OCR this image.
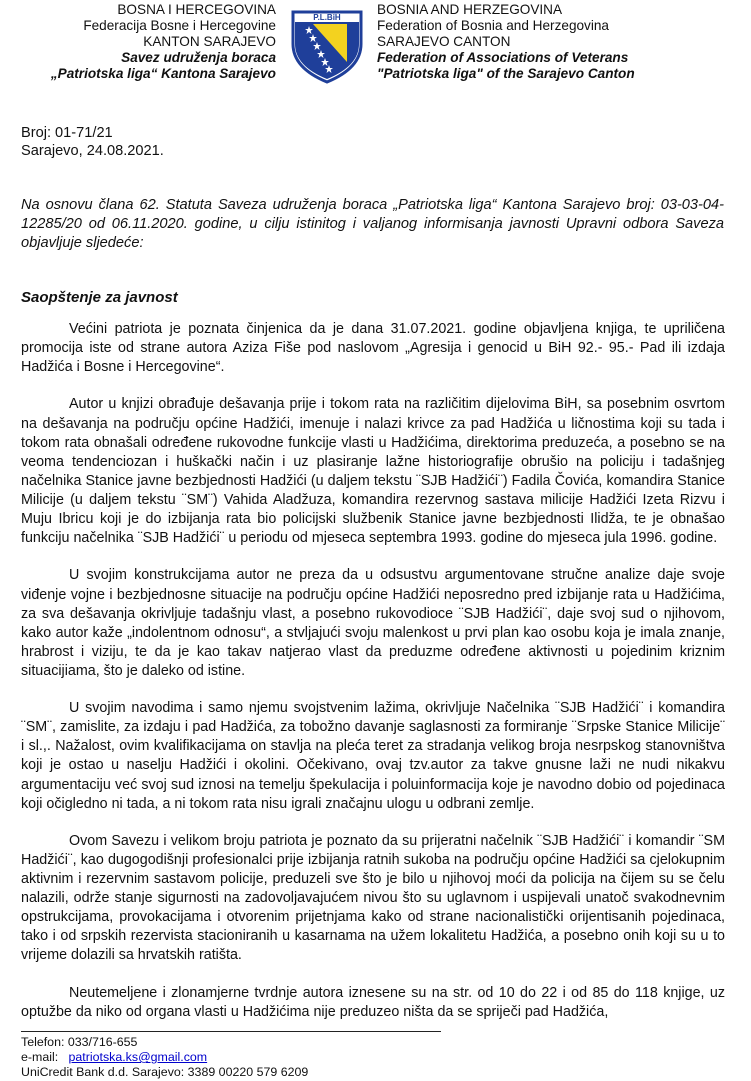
BOSNA I HERCEGOVINA
Federacija Bosne i Hercegovine
KANTON SARAJEVO
Savez udruženja boraca
„Patriotska liga“ Kantona Sarajevo
P.L.BiH
BOSNIA AND HERZEGOVINA
Federation of Bosnia and Herzegovina
SARAJEVO CANTON
Federation of Associations of Veterans
"Patriotska liga" of the Sarajevo Canton
Broj: 01-71/21
Sarajevo, 24.08.2021.
Na osnovu člana 62. Statuta Saveza udruženja boraca „Patriotska liga“ Kantona Sarajevo broj: 03-03-04-12285/20 od 06.11.2020. godine, u cilju istinitog i valjanog informisanja javnosti Upravni odbora Saveza objavljuje sljedeće:
Saopštenje za javnost

Većini patriota je poznata činjenica da je dana 31.07.2021. godine objavljena knjiga, te upriličena promocija iste od strane autora Aziza Fiše pod naslovom „Agresija i genocid u BiH 92.- 95.- Pad ili izdaja Hadžića i Bosne i Hercegovine“.

Autor u knjizi obrađuje dešavanja prije i tokom rata na različitim dijelovima BiH, sa posebnim osvrtom na dešavanja na području općine Hadžići, imenuje i nalazi krivce za pad Hadžića u ličnostima koji su tada i tokom rata obnašali određene rukovodne funkcije vlasti u Hadžićima, direktorima preduzeća, a posebno se na veoma tendenciozan i huškački način i uz plasiranje lažne historiografije obrušio na policiju i tadašnjeg načelnika Stanice javne bezbjednosti Hadžići (u daljem tekstu ¨SJB Hadžići¨) Fadila Čovića, komandira Stanice Milicije (u daljem tekstu ¨SM¨) Vahida Aladžuza, komandira rezervnog sastava milicije Hadžići Izeta Rizvu i Muju Ibricu koji je do izbijanja rata bio policijski službenik Stanice javne bezbjednosti Ilidža, te je obnašao funkciju načelnika ¨SJB Hadžići¨ u periodu od mjeseca septembra 1993. godine do mjeseca jula 1996. godine.

U svojim konstrukcijama autor ne preza da u odsustvu argumentovane stručne analize daje svoje viđenje vojne i bezbjednosne situacije na području općine Hadžići neposredno pred izbijanje rata u Hadžićima, za sva dešavanja okrivljuje tadašnju vlast, a posebno rukovodioce ¨SJB Hadžići¨, daje svoj sud o njihovom, kako autor kaže „indolentnom odnosu“, a stvljajući svoju malenkost u prvi plan kao osobu koja je imala znanje, hrabrost i viziju, te da je kao takav natjerao vlast da preduzme određene aktivnosti u pojedinim kriznim situacijiama, što je daleko od istine.

U svojim navodima i samo njemu svojstvenim lažima, okrivljuje Načelnika ¨SJB Hadžići¨ i komandira ¨SM¨, zamislite, za izdaju i pad Hadžića, za tobožno davanje saglasnosti za formiranje ¨Srpske Stanice Milicije¨ i sl.,. Nažalost, ovim kvalifikacijama on stavlja na pleća teret za stradanja velikog broja nesrpskog stanovništva koji je ostao u naselju Hadžići i okolini. Očekivano, ovaj tzv.autor za takve gnusne laži ne nudi nikakvu argumentaciju već svoj sud iznosi na temelju špekulacija i poluinformacija koje je navodno dobio od pojedinaca koji očigledno ni tada, a ni tokom rata nisu igrali značajnu ulogu u odbrani zemlje.

Ovom Savezu i velikom broju patriota je poznato da su prijeratni načelnik ¨SJB Hadžići¨ i komandir ¨SM Hadžići¨, kao dugogodišnji profesionalci prije izbijanja ratnih sukoba na području općine Hadžići sa cjelokupnim aktivnim i rezervnim sastavom policije, preduzeli sve što je bilo u njihovoj moći da policija na čijem su se čelu nalazili, održe stanje sigurnosti na zadovoljavajućem nivou što su uglavnom i uspijevali unatoč svakodnevnim opstrukcijama, provokacijama i otvorenim prijetnjama kako od strane nacionalistički orijentisanih pojedinaca, tako i od srpskih rezervista stacioniranih u kasarnama na užem lokalitetu Hadžića, a posebno onih koji su u to vrijeme dolazili sa hrvatskih ratišta.

Neutemeljene i zlonamjerne tvrdnje autora iznesene su na str. od 10 do 22 i od 85 do 118 knjige, uz optužbe da niko od organa vlasti u Hadžićima nije preduzeo ništa da se spriječi pad Hadžića,

Telefon: 033/716-655
e-mail: patriotska.ks@gmail.com
UniCredit Bank d.d. Sarajevo: 3389 00220 579 6209
